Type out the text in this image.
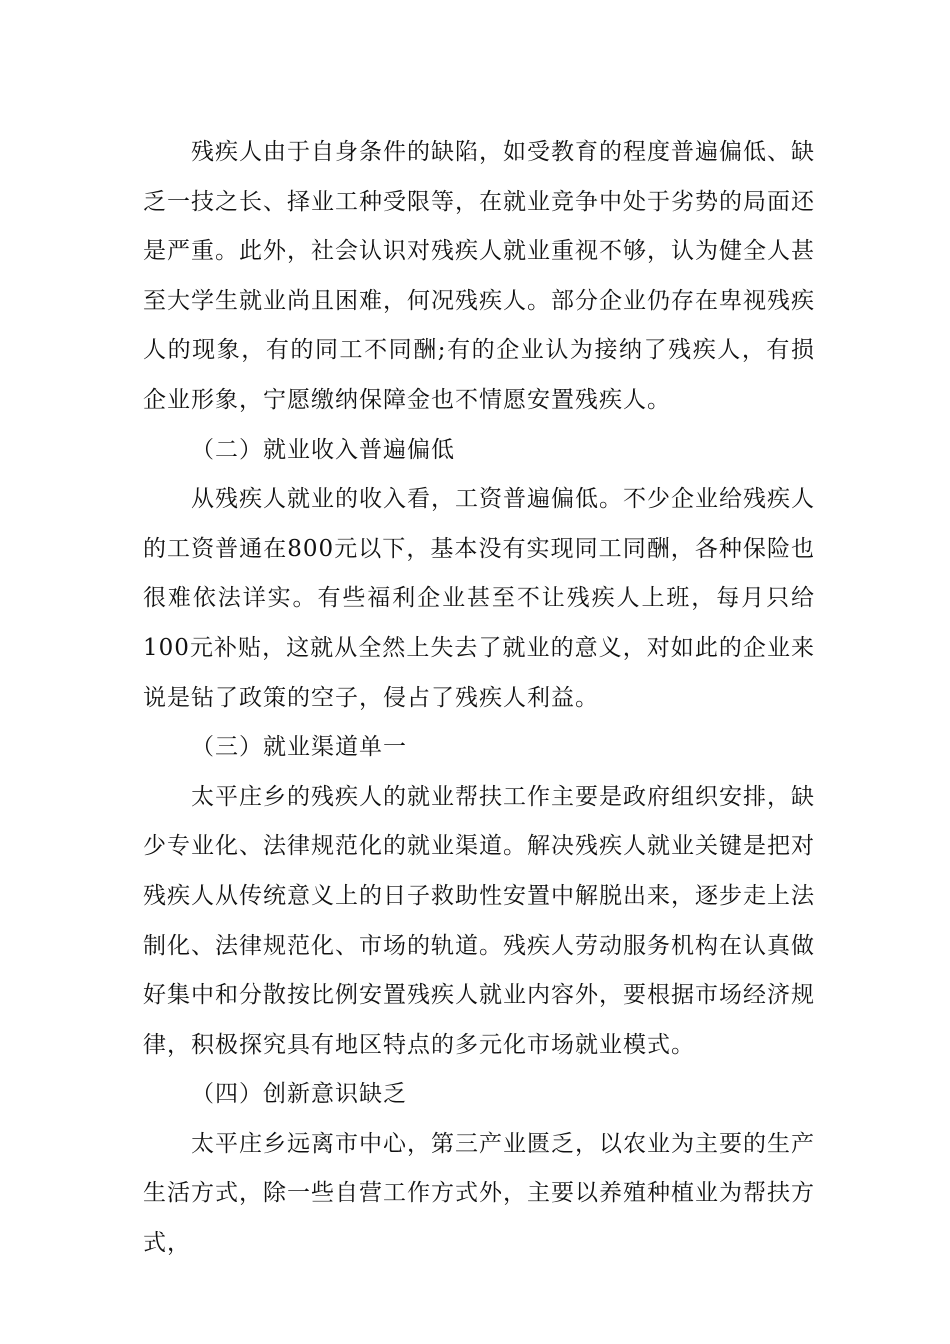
残疾人由于自身条件的缺陷，如受教育的程度普遍偏低、缺乏一技之长、择业工种受限等，在就业竞争中处于劣势的局面还是严重。此外，社会认识对残疾人就业重视不够，认为健全人甚至大学生就业尚且困难，何况残疾人。部分企业仍存在卑视残疾人的现象，有的同工不同酬;有的企业认为接纳了残疾人，有损企业形象，宁愿缴纳保障金也不情愿安置残疾人。

（二）就业收入普遍偏低

从残疾人就业的收入看，工资普遍偏低。不少企业给残疾人的工资普通在800元以下，基本没有实现同工同酬，各种保险也很难依法详实。有些福利企业甚至不让残疾人上班，每月只给100元补贴，这就从全然上失去了就业的意义，对如此的企业来说是钻了政策的空子，侵占了残疾人利益。

（三）就业渠道单一

太平庄乡的残疾人的就业帮扶工作主要是政府组织安排，缺少专业化、法律规范化的就业渠道。解决残疾人就业关键是把对残疾人从传统意义上的日子救助性安置中解脱出来，逐步走上法制化、法律规范化、市场的轨道。残疾人劳动服务机构在认真做好集中和分散按比例安置残疾人就业内容外，要根据市场经济规律，积极探究具有地区特点的多元化市场就业模式。

（四）创新意识缺乏

太平庄乡远离市中心，第三产业匮乏，以农业为主要的生产生活方式，除一些自营工作方式外，主要以养殖种植业为帮扶方式，
